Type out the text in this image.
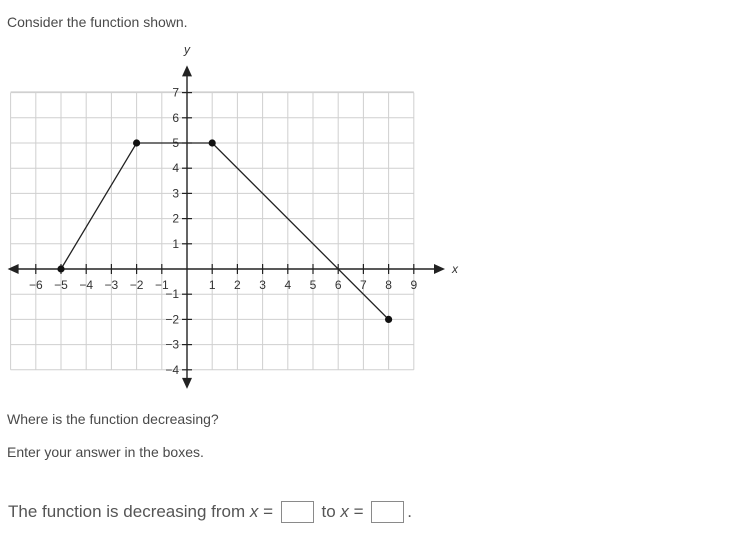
Consider the function shown.
x
y
−6 −5 −4 −3 −2 −1	1 2 3 4 5 6 7 8 9
−4
−3
−2
−1
1
2
3
4
5
6
7
Where is the function decreasing?
Enter your answer in the boxes.
The function is decreasing from x = to x = .
